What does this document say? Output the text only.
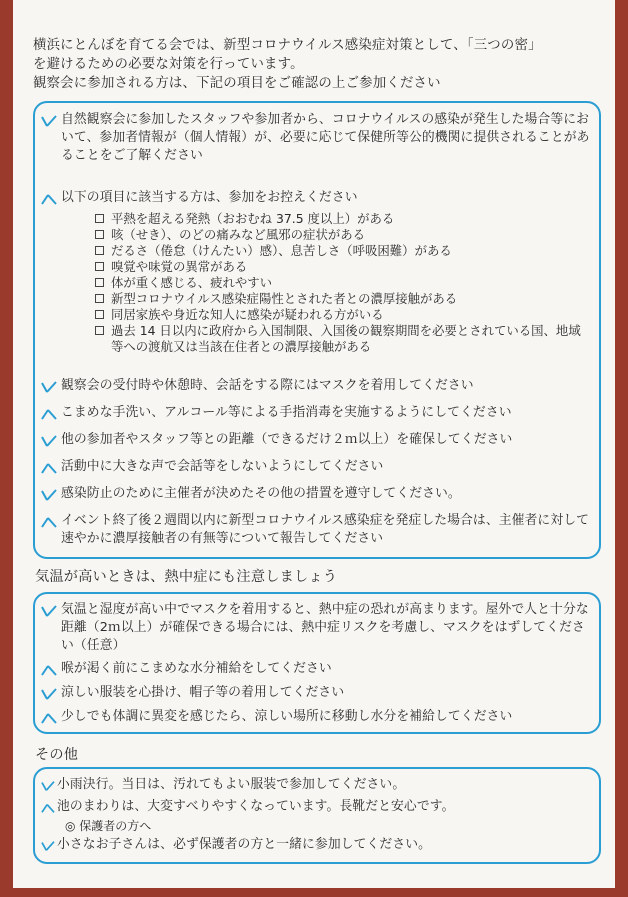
横浜にとんぼを育てる会では、新型コロナウイルス感染症対策として、「三つの密」

を避けるための必要な対策を行っています。

観察会に参加される方は、下記の項目をご確認の上ご参加ください

自然観察会に参加したスタッフや参加者から、コロナウイルスの感染が発生した場合等において、参加者情報が（個人情報）が、必要に応じて保健所等公的機関に提供されることがあることをご了解ください
以下の項目に該当する方は、参加をお控えください
平熱を超える発熱（おおむね 37.5 度以上）がある
咳（せき）、のどの痛みなど風邪の症状がある
だるさ（倦怠（けんたい）感）、息苦しさ（呼吸困難）がある
嗅覚や味覚の異常がある
体が重く感じる、疲れやすい
新型コロナウイルス感染症陽性とされた者との濃厚接触がある
同居家族や身近な知人に感染が疑われる方がいる
過去 14 日以内に政府から入国制限、入国後の観察期間を必要とされている国、地域等への渡航又は当該在住者との濃厚接触がある
観察会の受付時や休憩時、会話をする際にはマスクを着用してください
こまめな手洗い、アルコール等による手指消毒を実施するようにしてください
他の参加者やスタッフ等との距離（できるだけ２ｍ以上）を確保してください
活動中に大きな声で会話等をしないようにしてください
感染防止のために主催者が決めたその他の措置を遵守してください。
イベント終了後２週間以内に新型コロナウイルス感染症を発症した場合は、主催者に対して速やかに濃厚接触者の有無等について報告してください
気温が高いときは、熱中症にも注意しましょう
気温と湿度が高い中でマスクを着用すると、熱中症の恐れが高まります。屋外で人と十分な距離（2ｍ以上）が確保できる場合には、熱中症リスクを考慮し、マスクをはずしてください（任意）
喉が渇く前にこまめな水分補給をしてください
涼しい服装を心掛け、帽子等の着用してください
少しでも体調に異変を感じたら、涼しい場所に移動し水分を補給してください
その他
小雨決行。当日は、汚れてもよい服装で参加してください。
池のまわりは、大変すべりやすくなっています。長靴だと安心です。
◎ 保護者の方へ
小さなお子さんは、必ず保護者の方と一緒に参加してください。
